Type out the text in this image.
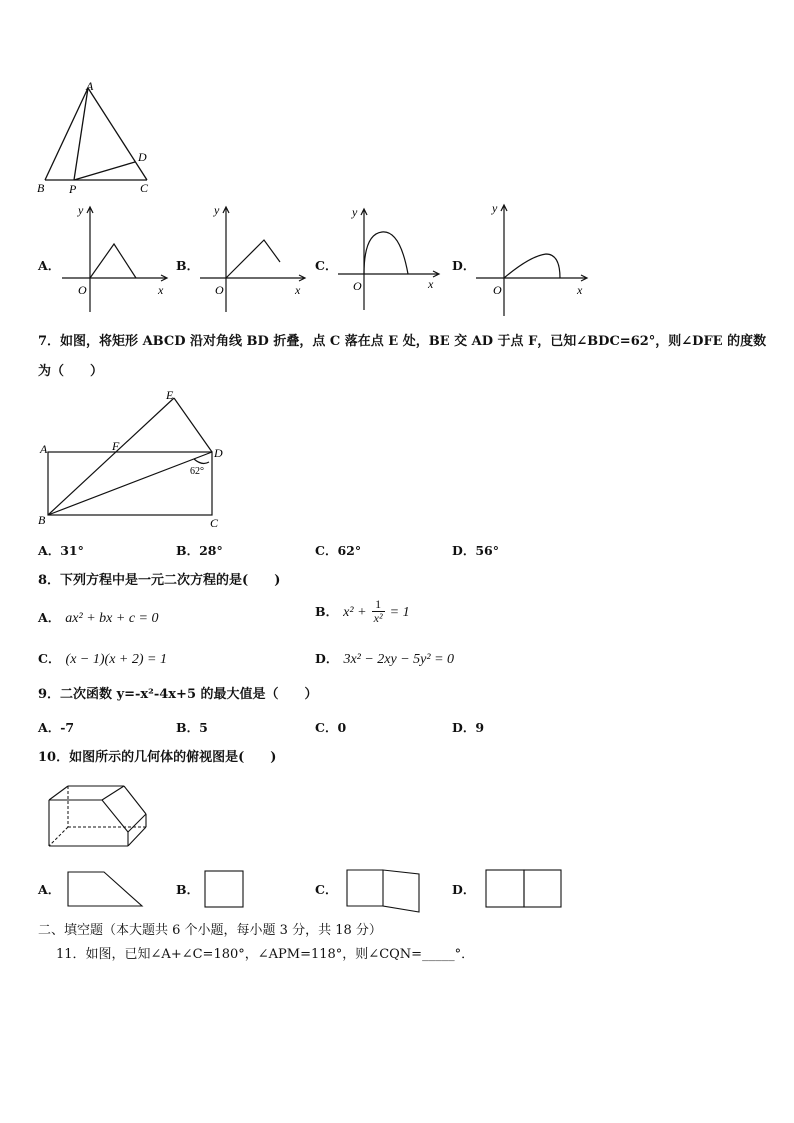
A
B P	C
D
A．
y
x
O
B．
y
x
O
C．
y
x
O
D．
y
x
O
7．如图，将矩形 ABCD 沿对角线 BD 折叠，点 C 落在点 E 处，BE 交 AD 于点 F，已知∠BDC=62°，则∠DFE 的度数
为（　　）
E
A	F	D
B	C
62°
A．31°	B．28°	C．62°	D．56°
8．下列方程中是一元二次方程的是(　　)
A． ax² + bx + c = 0	B． $x^2 + \frac{1}{\text{x²}} = 1$
C． (x − 1)(x + 2) = 1	D． 3x² − 2xy − 5y² = 0
9．二次函数 y=-x²-4x+5 的最大值是（　　）
A．-7	B．5	C．0	D．9
10．如图所示的几何体的俯视图是(　　)
A．	B．	C．	D．
二、填空题（本大题共 6 个小题，每小题 3 分，共 18 分）
11．如图，已知∠A+∠C=180°，∠APM=118°，则∠CQN=_____°．
